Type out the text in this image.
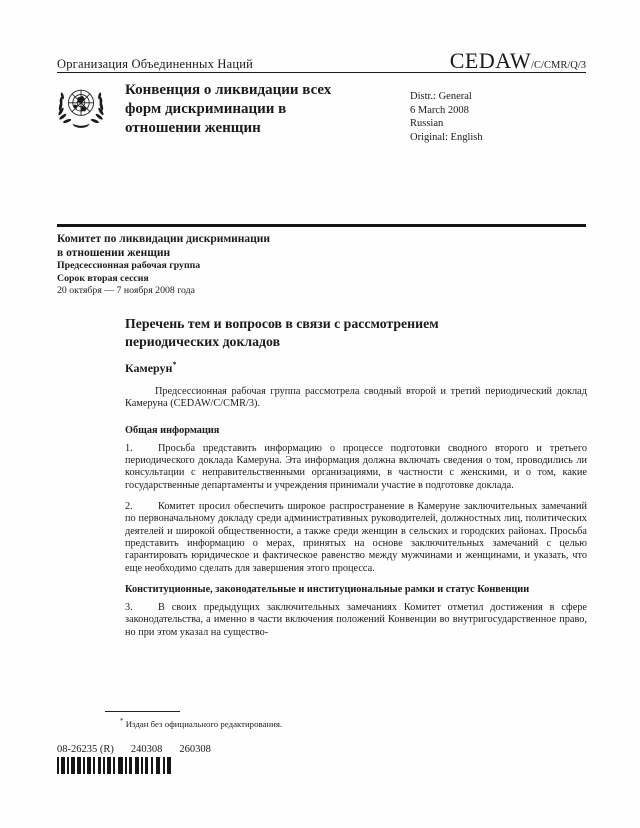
Организация Объединенных Наций	CEDAW/C/CMR/Q/3
Конвенция о ликвидации всех форм дискриминации в отношении женщин
Distr.: General
6 March 2008
Russian
Original: English
Комитет по ликвидации дискриминации
в отношении женщин
Предсессионная рабочая группа
Сорок вторая сессия
20 октября — 7 ноября 2008 года
Перечень тем и вопросов в связи с рассмотрением периодических докладов
Камерун*

Предсессионная рабочая группа рассмотрела сводный второй и третий периодический доклад Камеруна (CEDAW/C/CMR/3).

Общая информация

1. Просьба представить информацию о процессе подготовки сводного второго и третьего периодического доклада Камеруна. Эта информация должна включать сведения о том, проводились ли консультации с неправительственными организациями, в частности с женскими, и о том, какие государственные департаменты и учреждения принимали участие в подготовке доклада.

2. Комитет просил обеспечить широкое распространение в Камеруне заключительных замечаний по первоначальному докладу среди административных руководителей, должностных лиц, политических деятелей и широкой общественности, а также среди женщин в сельских и городских районах. Просьба представить информацию о мерах, принятых на основе заключительных замечаний с целью гарантировать юридическое и фактическое равенство между мужчинами и женщинами, и указать, что еще необходимо сделать для завершения этого процесса.

Конституционные, законодательные и институциональные рамки и статус Конвенции

3. В своих предыдущих заключительных замечаниях Комитет отметил достижения в сфере законодательства, а именно в части включения положений Конвенции во внутригосударственное право, но при этом указал на существо-

* Издан без официального редактирования.
08-26235 (R) 240308 260308
